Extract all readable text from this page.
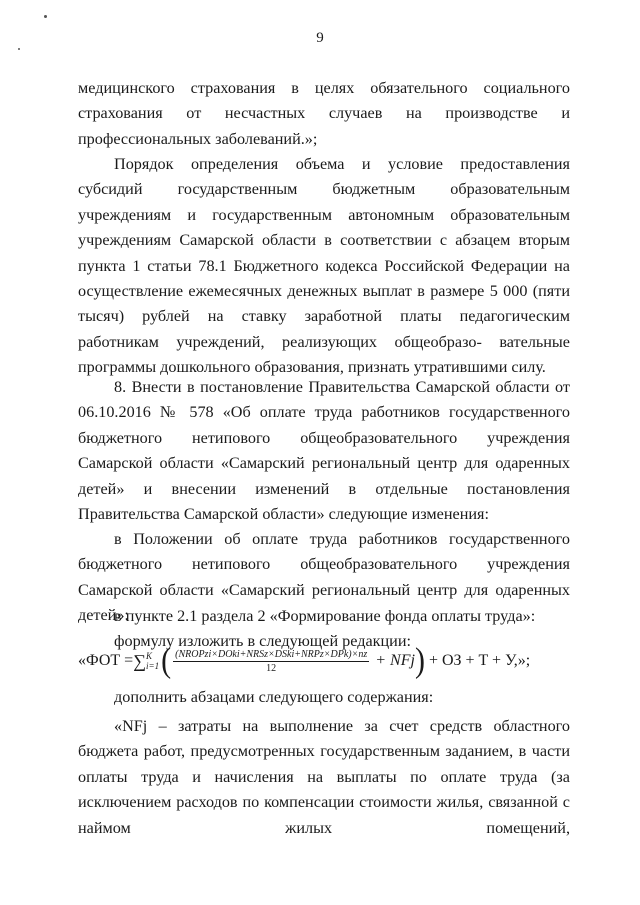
9

медицинского страхования в целях обязательного социального страхования от несчастных случаев на производстве и профессиональных заболеваний.»;

Порядок определения объема и условие предоставления субсидий государственным бюджетным образовательным учреждениям и государственным автономным образовательным учреждениям Самарской области в соответствии с абзацем вторым пункта 1 статьи 78.1 Бюджетного кодекса Российской Федерации на осуществление ежемесячных денежных выплат в размере 5 000 (пяти тысяч) рублей на ставку заработной платы педагогическим работникам учреждений, реализующих общеобразо- вательные программы дошкольного образования, признать утратившими силу.

8. Внести в постановление Правительства Самарской области от 06.10.2016 № 578 «Об оплате труда работников государственного бюджетного нетипового общеобразовательного учреждения Самарской области «Самарский региональный центр для одаренных детей» и внесении изменений в отдельные постановления Правительства Самарской области» следующие изменения:

в Положении об оплате труда работников государственного бюджетного нетипового общеобразовательного учреждения Самарской области «Самарский региональный центр для одаренных детей»:

в пункте 2.1 раздела 2 «Формирование фонда оплаты труда»:

формулу изложить в следующей редакции:

«ФОТ = ∑ K
i=1 ( $\frac{\text{(NROPzi×DOki+NRSz×DSki+NRPz×DPk)×nz}}{12}$ + NFj ) + ОЗ + T + У,»;

дополнить абзацами следующего содержания:

«NFj – затраты на выполнение за счет средств областного бюджета работ, предусмотренных государственным заданием, в части оплаты труда и начисления на выплаты по оплате труда (за исключением расходов по компенсации стоимости жилья, связанной с наймом жилых помещений,
